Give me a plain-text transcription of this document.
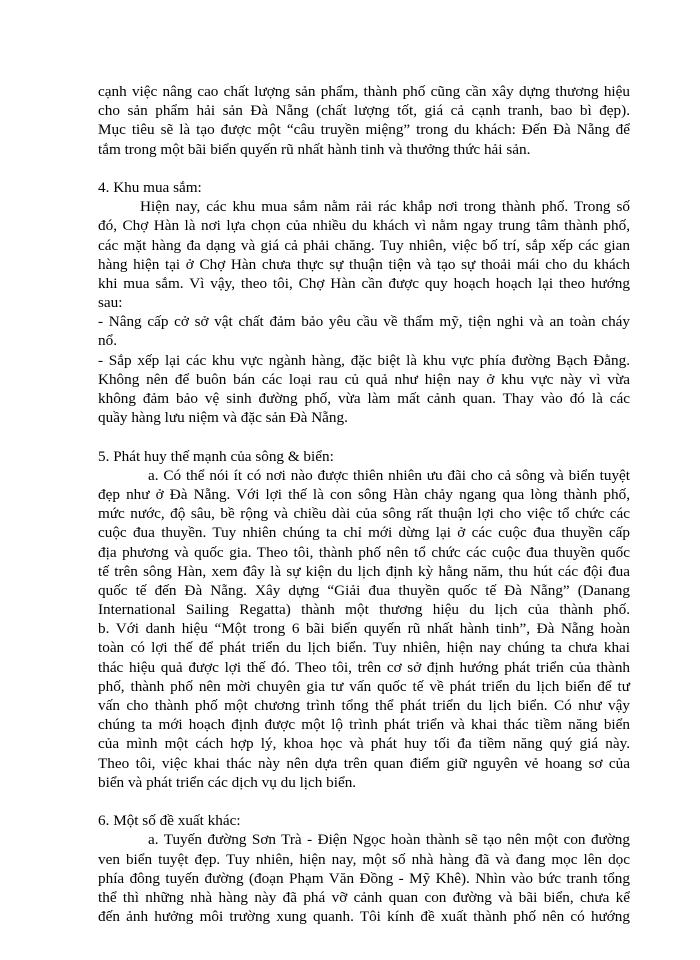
cạnh việc nâng cao chất lượng sản phẩm, thành phố cũng cần xây dựng thương hiệu
cho sản phẩm hải sản Đà Nẵng (chất lượng tốt, giá cả cạnh tranh, bao bì đẹp).
Mục tiêu sẽ là tạo được một “câu truyền miệng” trong du khách: Đến Đà Nẵng để
tắm trong một bãi biển quyến rũ nhất hành tinh và thưởng thức hải sản.
4. Khu mua sắm:
Hiện nay, các khu mua sắm nằm rải rác khắp nơi trong thành phố. Trong số
đó, Chợ Hàn là nơi lựa chọn của nhiều du khách vì nằm ngay trung tâm thành phố,
các mặt hàng đa dạng và giá cả phải chăng. Tuy nhiên, việc bố trí, sắp xếp các gian
hàng hiện tại ở Chợ Hàn chưa thực sự thuận tiện và tạo sự thoải mái cho du khách
khi mua sắm. Vì vậy, theo tôi, Chợ Hàn cần được quy hoạch hoạch lại theo hướng
sau:
- Nâng cấp cở sở vật chất đảm bảo yêu cầu về thẩm mỹ, tiện nghi và an toàn cháy
nổ.
- Sắp xếp lại các khu vực ngành hàng, đặc biệt là khu vực phía đường Bạch Đằng.
Không nên để buôn bán các loại rau củ quả như hiện nay ở khu vực này vì vừa
không đảm bảo vệ sinh đường phố, vừa làm mất cảnh quan. Thay vào đó là các
quầy hàng lưu niệm và đặc sản Đà Nẵng.
5. Phát huy thế mạnh của sông & biển:
a. Có thể nói ít có nơi nào được thiên nhiên ưu đãi cho cả sông và biển tuyệt
đẹp như ở Đà Nẵng. Với lợi thế là con sông Hàn chảy ngang qua lòng thành phố,
mức nước, độ sâu, bề rộng và chiều dài của sông rất thuận lợi cho việc tổ chức các
cuộc đua thuyền. Tuy nhiên chúng ta chỉ mới dừng lại ở các cuộc đua thuyền cấp
địa phương và quốc gia. Theo tôi, thành phố nên tổ chức các cuộc đua thuyền quốc
tế trên sông Hàn, xem đây là sự kiện du lịch định kỳ hằng năm, thu hút các đội đua
quốc tế đến Đà Nẵng. Xây dựng “Giải đua thuyền quốc tế Đà Nẵng” (Danang
International Sailing Regatta) thành một thương hiệu du lịch của thành phố.
b. Với danh hiệu “Một trong 6 bãi biển quyến rũ nhất hành tinh”, Đà Nẵng hoàn
toàn có lợi thế để phát triển du lịch biển. Tuy nhiên, hiện nay chúng ta chưa khai
thác hiệu quả được lợi thế đó. Theo tôi, trên cơ sở định hướng phát triển của thành
phố, thành phố nên mời chuyên gia tư vấn quốc tế về phát triển du lịch biển để tư
vấn cho thành phố một chương trình tổng thể phát triển du lịch biển. Có như vậy
chúng ta mới hoạch định được một lộ trình phát triển và khai thác tiềm năng biển
của mình một cách hợp lý, khoa học và phát huy tối đa tiềm năng quý giá này.
Theo tôi, việc khai thác này nên dựa trên quan điểm giữ nguyên vẻ hoang sơ của
biển và phát triển các dịch vụ du lịch biển.
6. Một số đề xuất khác:
a. Tuyến đường Sơn Trà - Điện Ngọc hoàn thành sẽ tạo nên một con đường
ven biển tuyệt đẹp. Tuy nhiên, hiện nay, một số nhà hàng đã và đang mọc lên dọc
phía đông tuyến đường (đoạn Phạm Văn Đồng - Mỹ Khê). Nhìn vào bức tranh tổng
thể thì những nhà hàng này đã phá vỡ cảnh quan con đường và bãi biển, chưa kể
đến ảnh hưởng môi trường xung quanh. Tôi kính đề xuất thành phố nên có hướng
